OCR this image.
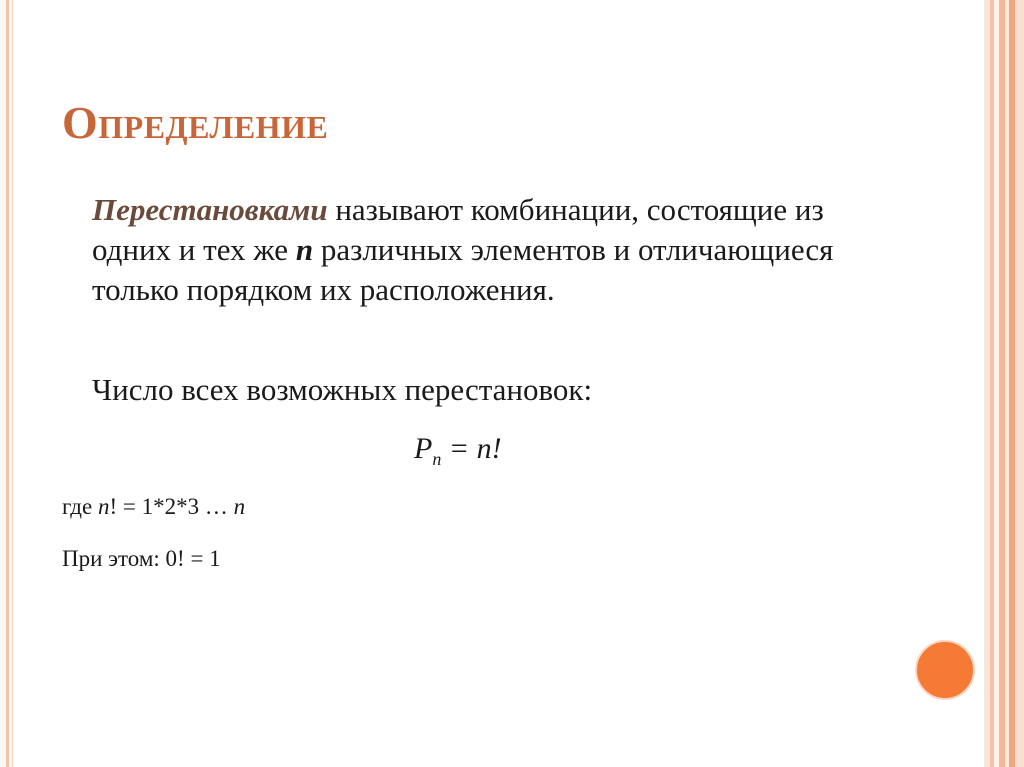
Определение

Перестановками называют комбинации, состоящие из одних и тех же n различных элементов и отличающиеся только порядком их расположения.

Число всех возможных перестановок:

$P_n = n$!
где n! = 1*2*3 … n
При этом: 0! = 1
